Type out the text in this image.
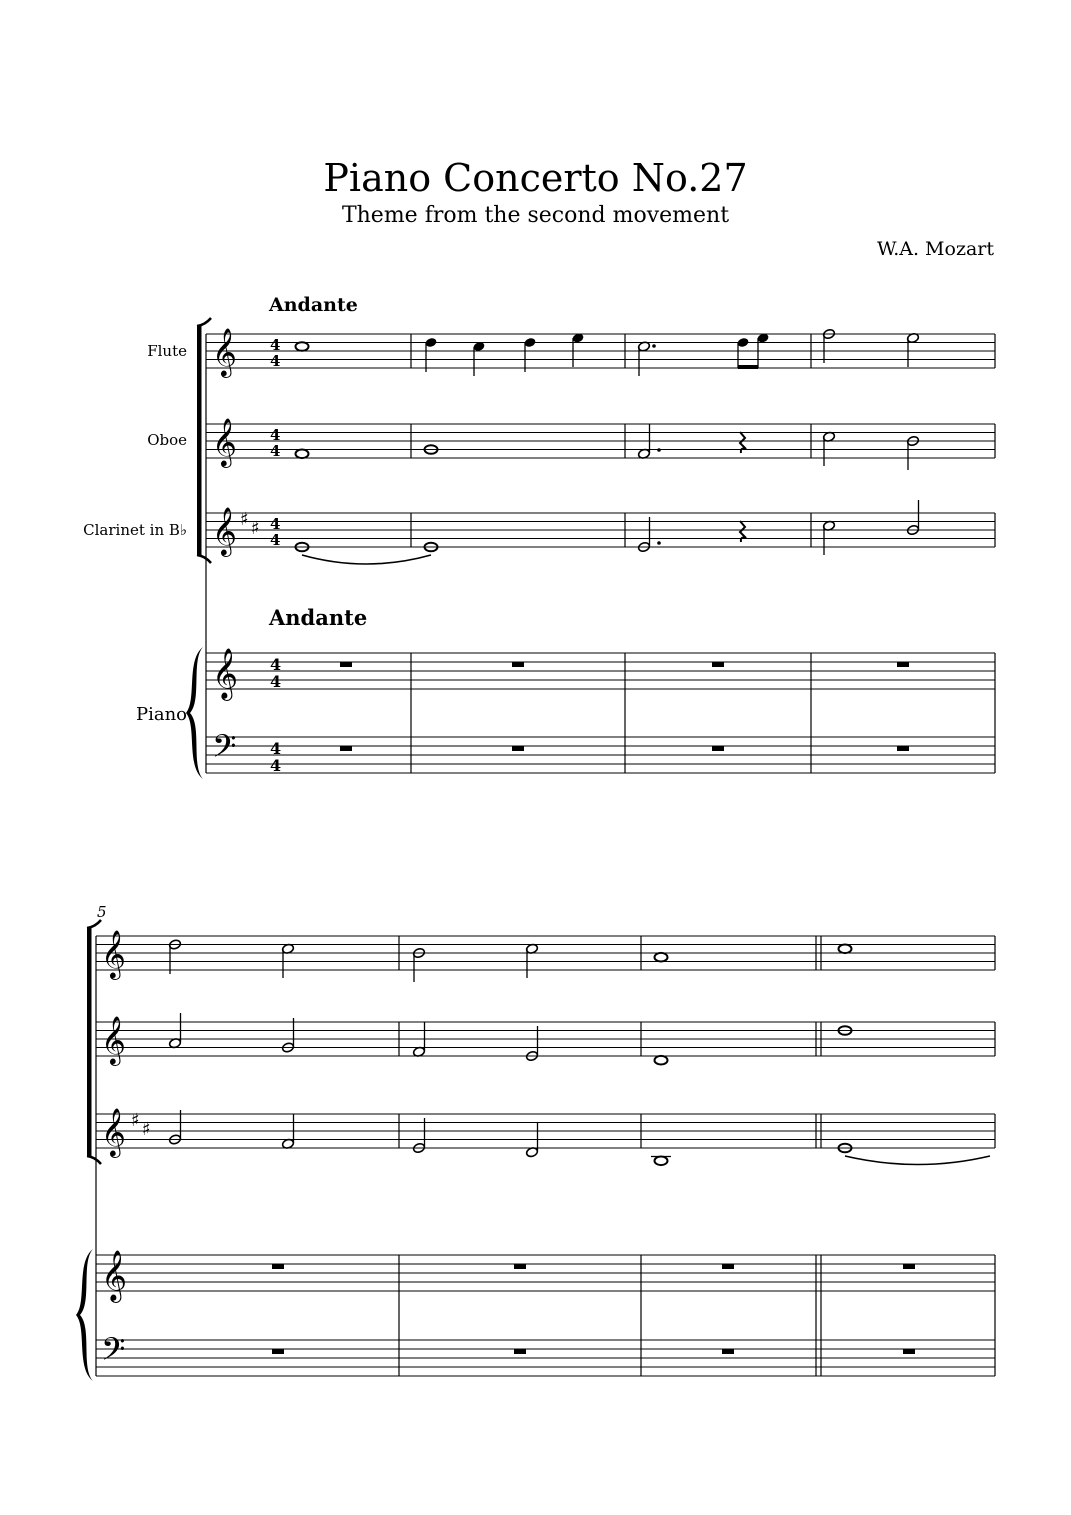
Piano Concerto No.27
Theme from the second movement
W.A. Mozart
Andante
Andante
Flute
Oboe
Clarinet in B♭
Piano
𝄞
𝄞
𝄞
𝄞
𝄢
♯ ♯
4
4
4
4
4
4
4
4
4
4
5
𝄞
𝄞
𝄞
𝄞
𝄢
♯ ♯
